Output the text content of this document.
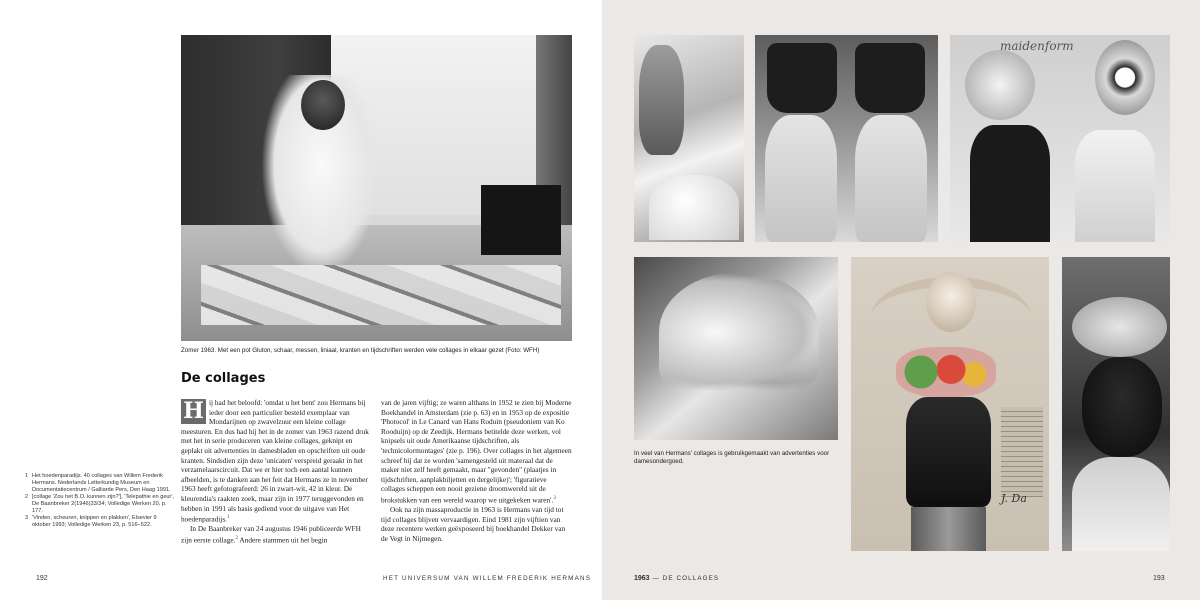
Zomer 1963. Met een pot Gluton, schaar, messen, liniaal, kranten en tijdschriften werden vele collages in elkaar gezet (Foto: WFH)
De collages

H ij had het beloofd: 'omdat u het bent' zou Hermans bij ieder door een particulier besteld exemplaar van Mondarijnen op zwavelzuur een kleine collage meesturen. En dus had hij het in de zomer van 1963 razend druk met het in serie produceren van kleine collages, geknipt en geplakt uit advertenties in damesbladen en opschriften uit oude kranten. Sindsdien zijn deze 'unicaten' verspreid geraakt in het verzamelaarscircuit. Dat we er hier toch een aantal kunnen afbeelden, is te danken aan het feit dat Hermans ze in november 1963 heeft gefotografeerd: 26 in zwart-wit, 42 in kleur. De kleurendia's raakten zoek, maar zijn in 1977 teruggevonden en hebben in 1991 als basis gediend voor de uitgave van Het hoedenparadijs.$^1$

In De Baanbreker van 24 augustus 1946 publiceerde WFH zijn eerste collage.$^2$ Andere stammen uit het begin

van de jaren vijftig; ze waren althans in 1952 te zien bij Moderne Boekhandel in Amsterdam (zie p. 63) en in 1953 op de expositie 'Photocol' in Le Canard van Hans Roduin (pseudoniem van Ko Rooduijn) op de Zeedijk. Hermans betitelde deze werken, vol knipsels uit oude Amerikaanse tijdschriften, als 'technicolormontages' (zie p. 196). Over collages in het algemeen schreef hij dat ze worden 'samengesteld uit materaal dat de maker niet zelf heeft gemaakt, maar "gevonden" (plaatjes in tijdschriften, aanplakbiljetten en dergelijke)'; 'figuratieve collages scheppen een nooit geziene droomwereld uit de brokstukken van een wereld waarop we uitgekeken waren'.$^3$

Ook na zijn massaproductie in 1963 is Hermans van tijd tot tijd collages blijven vervaardigen. Eind 1981 zijn vijftien van deze recentere werken geëxposeerd bij boekhandel Dekker van de Vegt in Nijmegen.

1 Het hoedenparadijs. 40 collages van Willem Frederik Hermans. Nederlands Letterkundig Museum en Documentatiecentrum / Galliarde Pers, Den Haag 1991.
2 [collage 'Zou het B.O. kunnen zijn?'], 'Telepathie en geur', De Baanbreker 2(1946)33/34; Volledige Werken 20, p. 177.
3 'Vinden, scheuren, knippen en plakken', Elsevier 9 oktober 1993; Volledige Werken 23, p. 516–522.
192	HET UNIVERSUM VAN WILLEM FREDERIK HERMANS
maidenform
J. Da
In veel van Hermans' collages is gebruikgemaakt van advertenties voor damesondergoed.
1963 — DE COLLAGES	193
